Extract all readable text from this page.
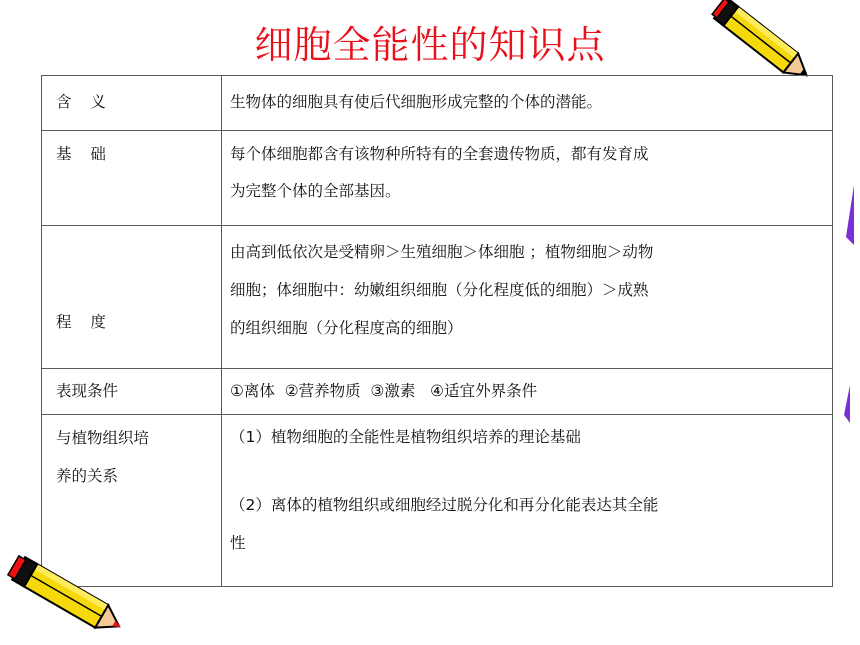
细胞全能性的知识点
含 义	生物体的细胞具有使后代细胞形成完整的个体的潜能。

基 础	每个体细胞都含有该物种所特有的全套遗传物质，都有发育成
为完整个体的全部基因。

程 度	由高到低依次是受精卵＞生殖细胞＞体细胞 ；植物细胞＞动物
细胞；体细胞中：幼嫩组织细胞（分化程度低的细胞）＞成熟
的组织细胞（分化程度高的细胞）

表现条件	①离体  ②营养物质  ③激素   ④适宜外界条件

与植物组织培
养的关系	（1）植物细胞的全能性是植物组织培养的理论基础
（2）离体的植物组织或细胞经过脱分化和再分化能表达其全能
性
